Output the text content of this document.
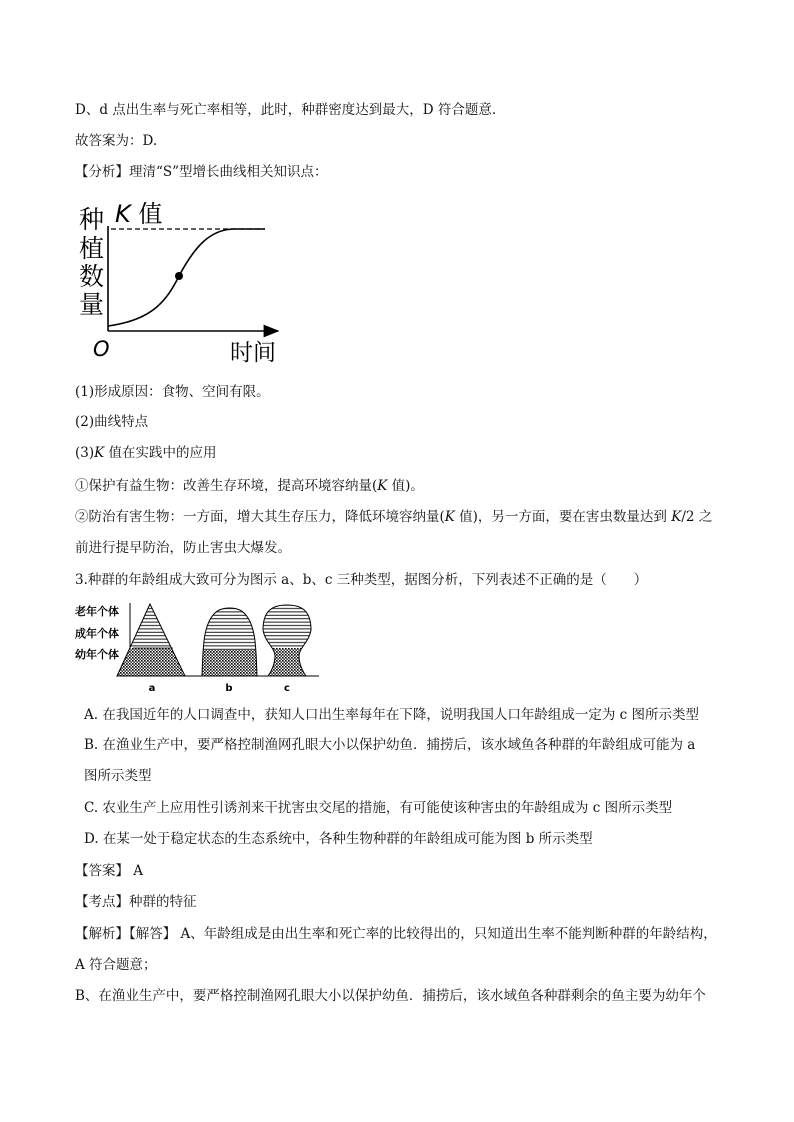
D、d 点出生率与死亡率相等，此时，种群密度达到最大，D 符合题意.
故答案为：D.
【分析】理清“S”型增长曲线相关知识点：
种
植
数
量
K 值
O	时间
(1)形成原因：食物、空间有限。
(2)曲线特点
(3)K 值在实践中的应用
①保护有益生物：改善生存环境，提高环境容纳量(K 值)。
②防治有害生物：一方面，增大其生存压力，降低环境容纳量(K 值)，另一方面，要在害虫数量达到 K/2 之
前进行提早防治，防止害虫大爆发。
3.种群的年龄组成大致可分为图示 a、b、c 三种类型，据图分析，下列表述不正确的是（　　）
老年个体
成年个体
幼年个体
a	b	c
A. 在我国近年的人口调查中，获知人口出生率每年在下降，说明我国人口年龄组成一定为 c 图所示类型
B. 在渔业生产中，要严格控制渔网孔眼大小以保护幼鱼．捕捞后，该水域鱼各种群的年龄组成可能为 a
图所示类型
C. 农业生产上应用性引诱剂来干扰害虫交尾的措施，有可能使该种害虫的年龄组成为 c 图所示类型
D. 在某一处于稳定状态的生态系统中，各种生物种群的年龄组成可能为图 b 所示类型
【答案】 A
【考点】种群的特征
【解析】【解答】 A、年龄组成是由出生率和死亡率的比较得出的，只知道出生率不能判断种群的年龄结构，
A 符合题意；
B、在渔业生产中，要严格控制渔网孔眼大小以保护幼鱼．捕捞后，该水域鱼各种群剩余的鱼主要为幼年个
